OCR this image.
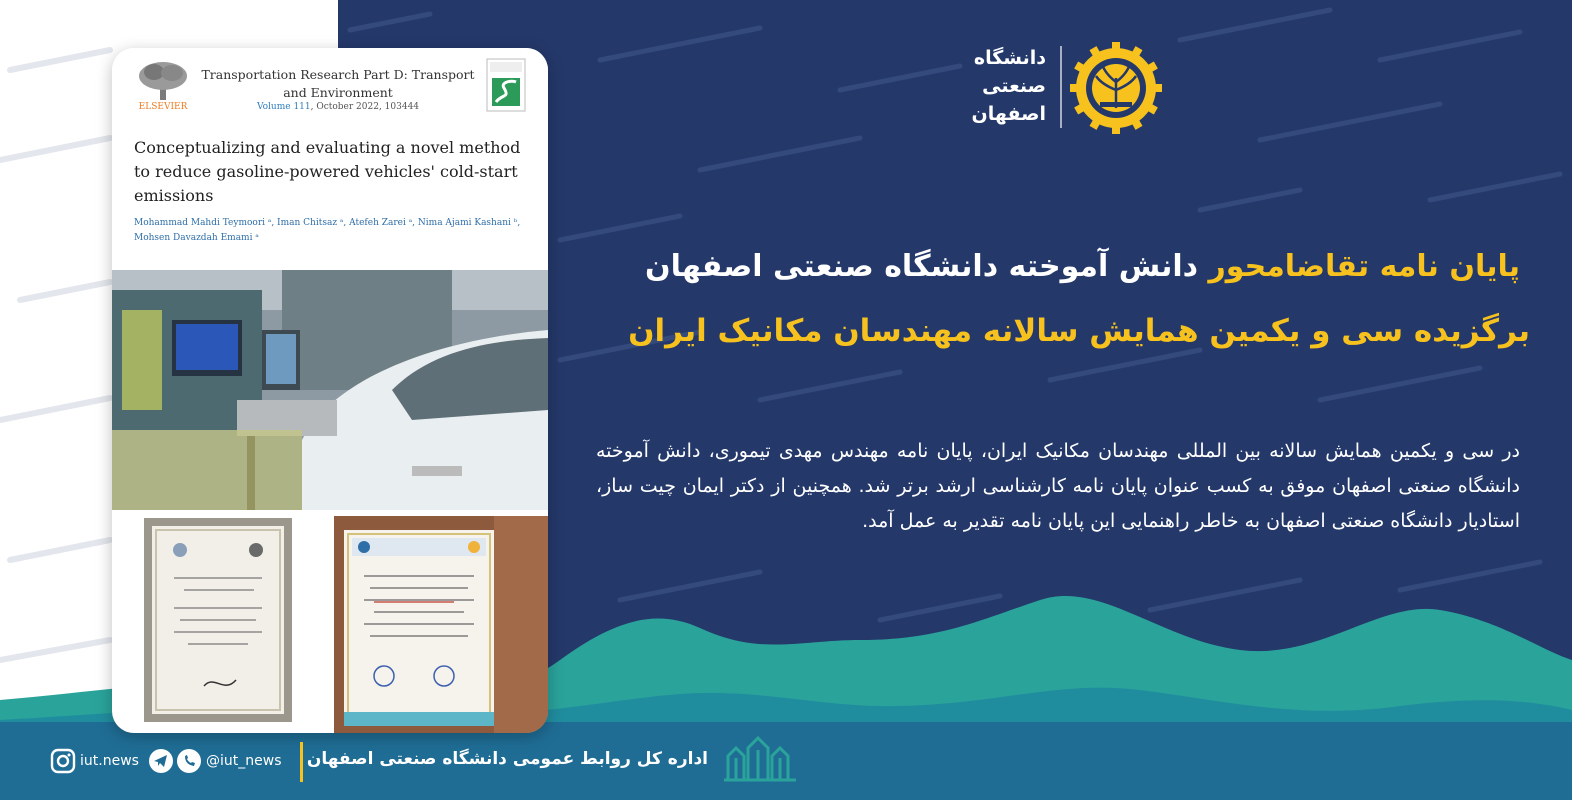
ELSEVIER
Transportation Research Part D: Transport and Environment
Volume 111, October 2022, 103444
Conceptualizing and evaluating a novel method to reduce gasoline-powered vehicles' cold-start emissions
Mohammad Mahdi Teymoori ᵃ, Iman Chitsaz ᵃ, Atefeh Zarei ᵃ, Nima Ajami Kashani ᵇ, Mohsen Davazdah Emami ᵃ
دانشگاه
صنعتی
اصفهان
پایان نامه تقاضامحور دانش آموخته دانشگاه صنعتی اصفهان
برگزیده سی و یکمین همایش سالانه مهندسان مکانیک ایران
در سی و یکمین همایش سالانه بین المللی مهندسان مکانیک ایران، پایان نامه مهندس مهدی تیموری، دانش آموخته دانشگاه صنعتی اصفهان موفق به کسب عنوان پایان نامه کارشناسی ارشد برتر شد. همچنین از دکتر ایمان چیت ساز، استادیار دانشگاه صنعتی اصفهان به خاطر راهنمایی این پایان نامه تقدیر به عمل آمد.
اداره کل روابط عمومی دانشگاه صنعتی اصفهان
@iut_news
iut.news
